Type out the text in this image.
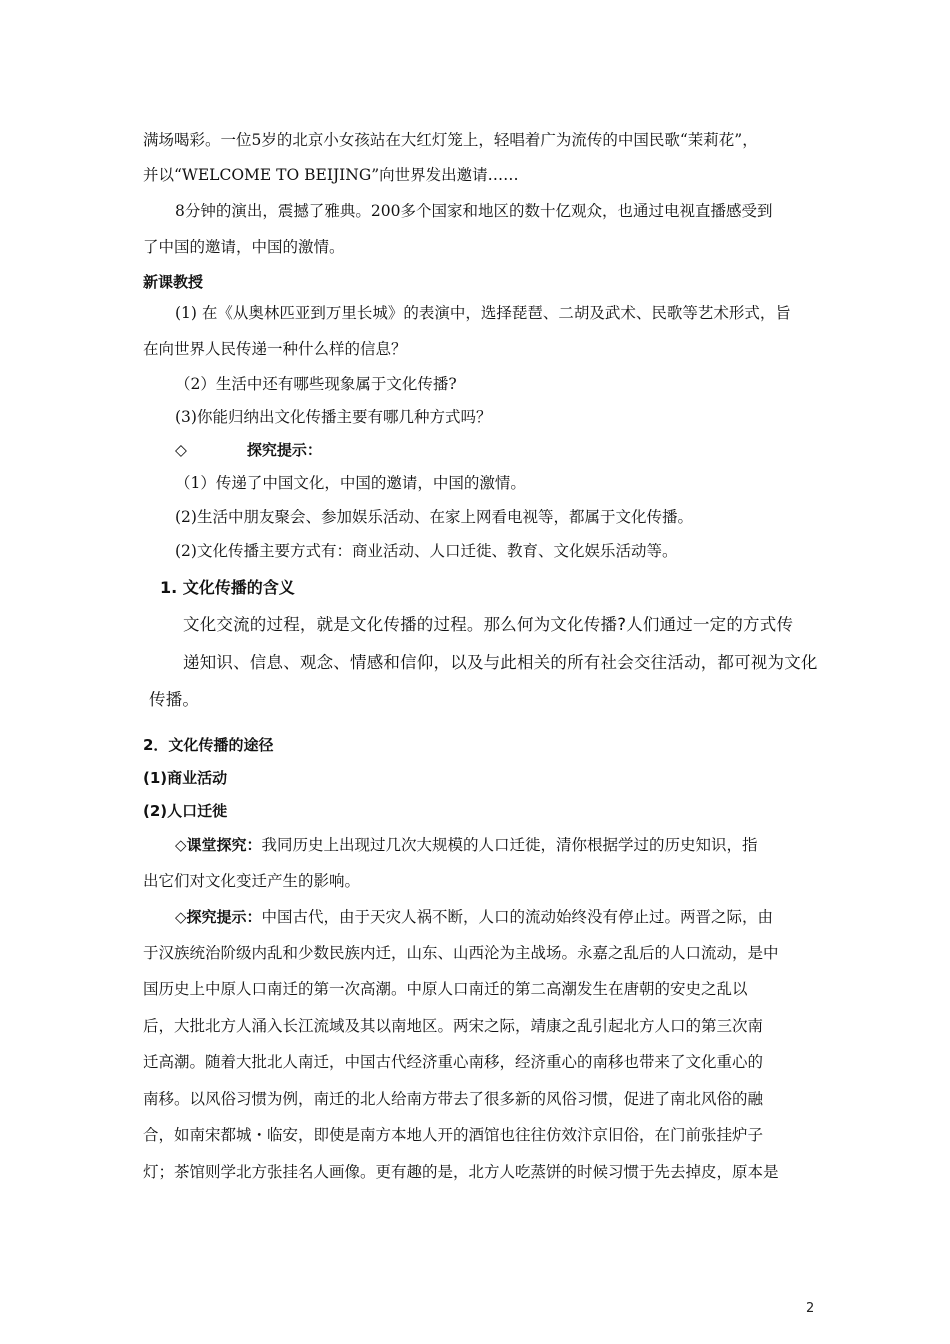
满场喝彩。一位5岁的北京小女孩站在大红灯笼上，轻唱着广为流传的中国民歌“茉莉花”，
并以“WELCOME TO BEIJING”向世界发出邀请……
8分钟的演出，震撼了雅典。200多个国家和地区的数十亿观众，也通过电视直播感受到
了中国的邀请，中国的激情。
新课教授
(1) 在《从奥林匹亚到万里长城》的表演中，选择琵琶、二胡及武术、民歌等艺术形式，旨
在向世界人民传递一种什么样的信息？
（2）生活中还有哪些现象属于文化传播?
(3)你能归纳出文化传播主要有哪几种方式吗？
◇	探究提示：
（1）传递了中国文化，中国的邀请，中国的激情。
(2)生活中朋友聚会、参加娱乐活动、在家上网看电视等，都属于文化传播。
(2)文化传播主要方式有：商业活动、人口迁徙、教育、文化娱乐活动等。
1. 文化传播的含义
文化交流的过程，就是文化传播的过程。那么何为文化传播?人们通过一定的方式传
递知识、信息、观念、情感和信仰，以及与此相关的所有社会交往活动，都可视为文化
传播。
2．文化传播的途径
(1)商业活动
(2)人口迁徙
◇课堂探究：我同历史上出现过几次大规模的人口迁徙，清你根据学过的历史知识，指
出它们对文化变迁产生的影响。
◇探究提示：中国古代，由于天灾人祸不断，人口的流动始终没有停止过。两晋之际，由
于汉族统治阶级内乱和少数民族内迁，山东、山西沦为主战场。永嘉之乱后的人口流动，是中
国历史上中原人口南迁的第一次高潮。中原人口南迁的第二高潮发生在唐朝的安史之乱以
后，大批北方人涌入长江流域及其以南地区。两宋之际，靖康之乱引起北方人口的第三次南
迁高潮。随着大批北人南迁，中国古代经济重心南移，经济重心的南移也带来了文化重心的
南移。以风俗习惯为例，南迁的北人给南方带去了很多新的风俗习惯，促进了南北风俗的融
合，如南宋都城・临安，即使是南方本地人开的酒馆也往往仿效汴京旧俗，在门前张挂炉子
灯；茶馆则学北方张挂名人画像。更有趣的是，北方人吃蒸饼的时候习惯于先去掉皮，原本是
2
